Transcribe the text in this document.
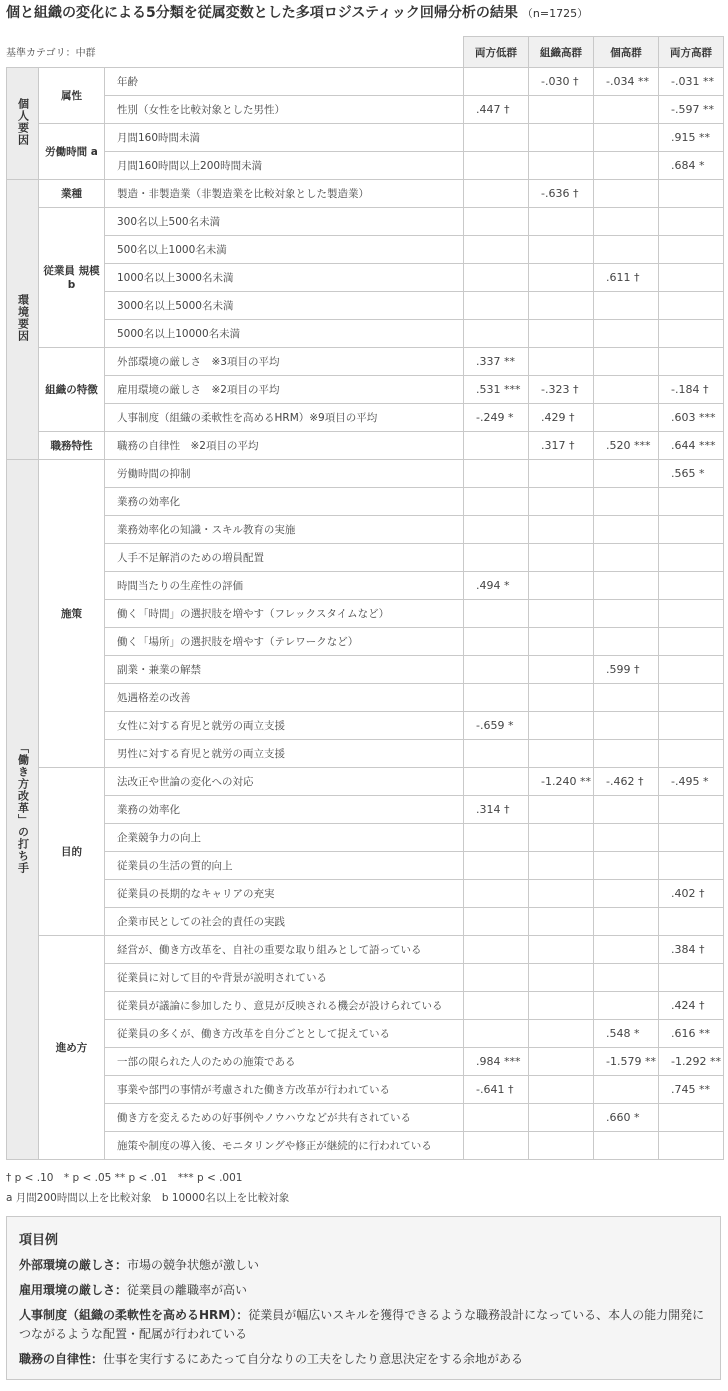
個と組織の変化による5分類を従属変数とした多項ロジスティック回帰分析の結果 （n=1725）
			両方低群	組織高群	個高群	両方高群
個人要因	属性	年齢		-.030 †	-.034 **	-.031 **
		性別（女性を比較対象とした男性）	.447 †			-.597 **
	労働時間 a	月間160時間未満				.915 **
		月間160時間以上200時間未満				.684 *
環境要因	業種	製造・非製造業（非製造業を比較対象とした製造業）		-.636 †		
	従業員 規模 b	300名以上500名未満				
		500名以上1000名未満				
		1000名以上3000名未満			.611 †	
		3000名以上5000名未満				
		5000名以上10000名未満				
	組織の特徴	外部環境の厳しさ　※3項目の平均	.337 **			
		雇用環境の厳しさ　※2項目の平均	.531 ***	-.323 †		-.184 †
		人事制度（組織の柔軟性を高めるHRM）※9項目の平均	-.249 *	.429 †		.603 ***
	職務特性	職務の自律性　※2項目の平均		.317 †	.520 ***	.644 ***
「働き方改革」の打ち手	施策	労働時間の抑制				.565 *
		業務の効率化				
		業務効率化の知識・スキル教育の実施				
		人手不足解消のための増員配置				
		時間当たりの生産性の評価	.494 *			
		働く「時間」の選択肢を増やす（フレックスタイムなど）				
		働く「場所」の選択肢を増やす（テレワークなど）				
		副業・兼業の解禁			.599 †	
		処遇格差の改善				
		女性に対する育児と就労の両立支援	-.659 *			
		男性に対する育児と就労の両立支援				
	目的	法改正や世論の変化への対応		-1.240 **	-.462 †	-.495 *
		業務の効率化	.314 †			
		企業競争力の向上				
		従業員の生活の質的向上				
		従業員の長期的なキャリアの充実				.402 †
		企業市民としての社会的責任の実践				
	進め方	経営が、働き方改革を、自社の重要な取り組みとして語っている				.384 †
		従業員に対して目的や背景が説明されている				
		従業員が議論に参加したり、意見が反映される機会が設けられている				.424 †
		従業員の多くが、働き方改革を自分ごととして捉えている			.548 *	.616 **
		一部の限られた人のための施策である	.984 ***		-1.579 **	-1.292 **
		事業や部門の事情が考慮された働き方改革が行われている	-.641 †			.745 **
		働き方を変えるための好事例やノウハウなどが共有されている			.660 *	
		施策や制度の導入後、モニタリングや修正が継続的に行われている				
基準カテゴリ：中群
† p < .10　* p < .05 ** p < .01　*** p < .001
a 月間200時間以上を比較対象　b 10000名以上を比較対象
項目例

外部環境の厳しさ：市場の競争状態が激しい

雇用環境の厳しさ：従業員の離職率が高い

人事制度（組織の柔軟性を高めるHRM）：従業員が幅広いスキルを獲得できるような職務設計になっている、本人の能力開発につながるような配置・配属が行われている

職務の自律性：仕事を実行するにあたって自分なりの工夫をしたり意思決定をする余地がある
